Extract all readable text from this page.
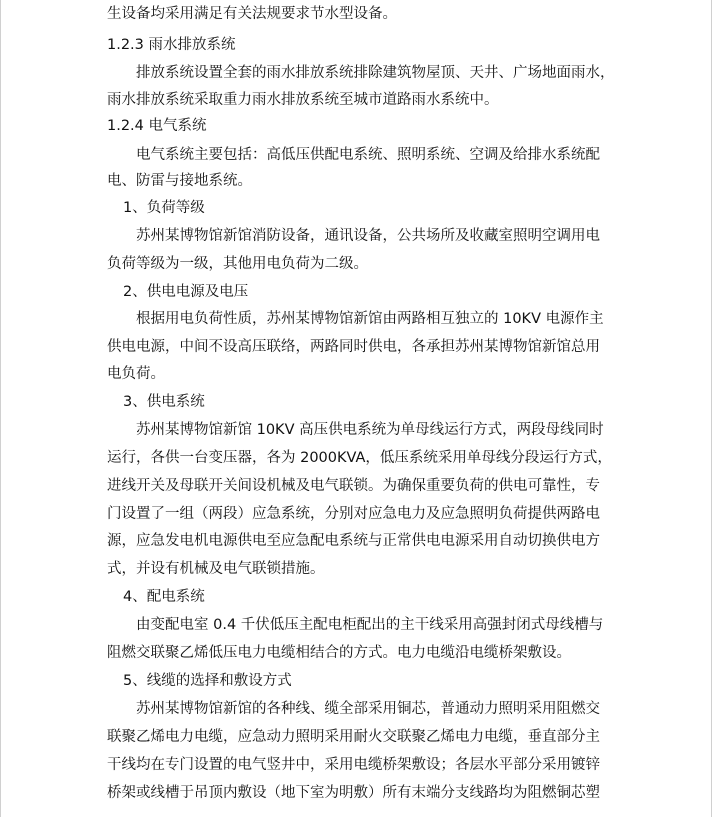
生设备均采用满足有关法规要求节水型设备。
1.2.3 雨水排放系统
排放系统设置全套的雨水排放系统排除建筑物屋顶、天井、广场地面雨水，
雨水排放系统采取重力雨水排放系统至城市道路雨水系统中。
1.2.4 电气系统
电气系统主要包括：高低压供配电系统、照明系统、空调及给排水系统配
电、防雷与接地系统。
1、负荷等级
苏州某博物馆新馆消防设备，通讯设备，公共场所及收藏室照明空调用电
负荷等级为一级，其他用电负荷为二级。
2、供电电源及电压
根据用电负荷性质，苏州某博物馆新馆由两路相互独立的 10KV 电源作主
供电电源，中间不设高压联络，两路同时供电，各承担苏州某博物馆新馆总用
电负荷。
3、供电系统
苏州某博物馆新馆 10KV 高压供电系统为单母线运行方式，两段母线同时
运行，各供一台变压器，各为 2000KVA，低压系统采用单母线分段运行方式，
进线开关及母联开关间设机械及电气联锁。为确保重要负荷的供电可靠性，专
门设置了一组（两段）应急系统，分别对应急电力及应急照明负荷提供两路电
源，应急发电机电源供电至应急配电系统与正常供电电源采用自动切换供电方
式，并设有机械及电气联锁措施。
4、配电系统
由变配电室 0.4 千伏低压主配电柜配出的主干线采用高强封闭式母线槽与
阻燃交联聚乙烯低压电力电缆相结合的方式。电力电缆沿电缆桥架敷设。
5、线缆的选择和敷设方式
苏州某博物馆新馆的各种线、缆全部采用铜芯，普通动力照明采用阻燃交
联聚乙烯电力电缆，应急动力照明采用耐火交联聚乙烯电力电缆，垂直部分主
干线均在专门设置的电气竖井中，采用电缆桥架敷设；各层水平部分采用镀锌
桥架或线槽于吊顶内敷设（地下室为明敷）所有末端分支线路均为阻燃铜芯塑
